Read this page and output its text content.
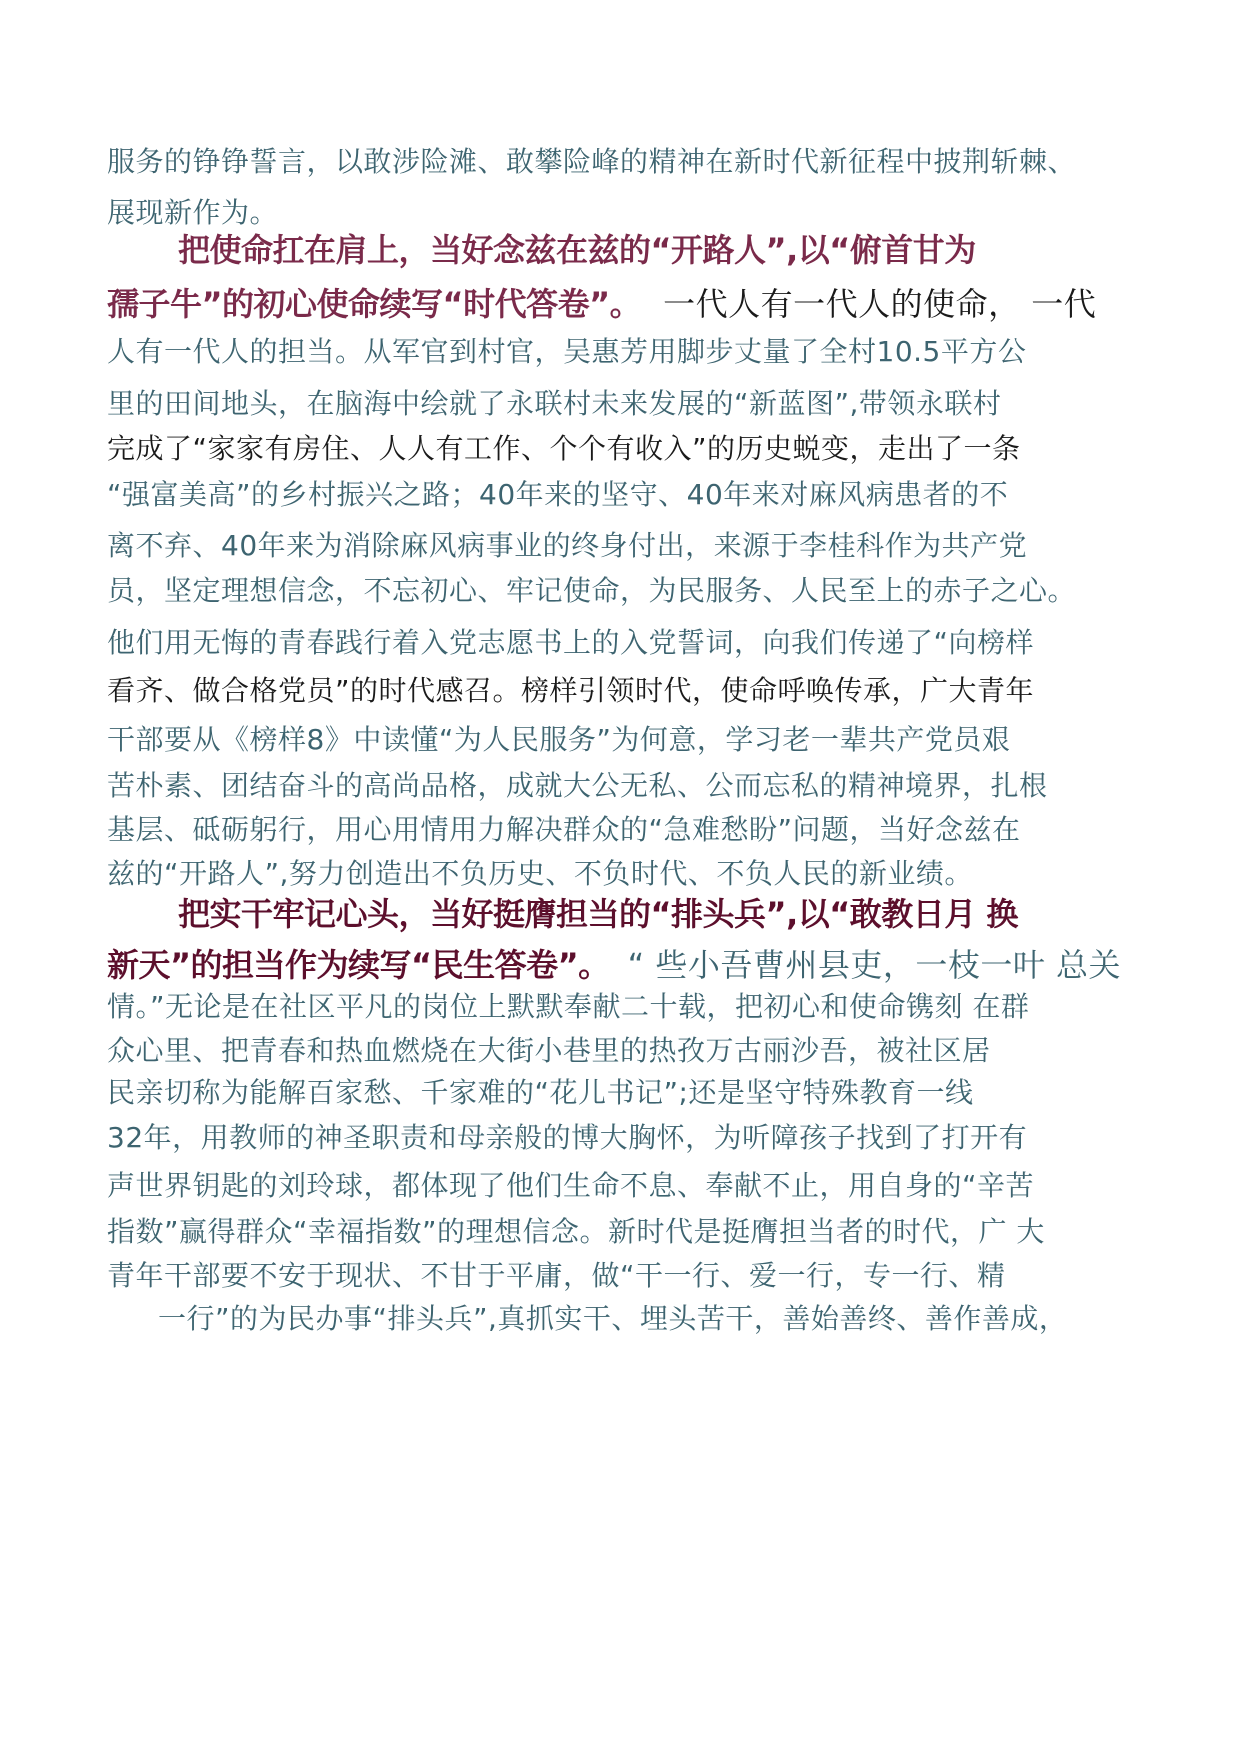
服务的铮铮誓言，以敢涉险滩、敢攀险峰的精神在新时代新征程中披荆斩棘、
展现新作为。
把使命扛在肩上，当好念兹在兹的“开路人”,以“俯首甘为
孺子牛”的初心使命续写“时代答卷”。 一代人有一代人的使命， 一代
人有一代人的担当。从军官到村官，吴惠芳用脚步丈量了全村10.5平方公
里的田间地头，在脑海中绘就了永联村未来发展的“新蓝图”,带领永联村
完成了“家家有房住、人人有工作、个个有收入”的历史蜕变，走出了一条
“强富美高”的乡村振兴之路；40年来的坚守、40年来对麻风病患者的不
离不弃、40年来为消除麻风病事业的终身付出，来源于李桂科作为共产党
员，坚定理想信念，不忘初心、牢记使命，为民服务、人民至上的赤子之心。
他们用无悔的青春践行着入党志愿书上的入党誓词，向我们传递了“向榜样
看齐、做合格党员”的时代感召。榜样引领时代，使命呼唤传承，广大青年
干部要从《榜样8》中读懂“为人民服务”为何意，学习老一辈共产党员艰
苦朴素、团结奋斗的高尚品格，成就大公无私、公而忘私的精神境界，扎根
基层、砥砺躬行，用心用情用力解决群众的“急难愁盼”问题，当好念兹在
兹的“开路人”,努力创造出不负历史、不负时代、不负人民的新业绩。
把实干牢记心头，当好挺膺担当的“排头兵”,以“敢教日月 换
新天”的担当作为续写“民生答卷”。 “ 些小吾曹州县吏，一枝一叶 总关
情。”无论是在社区平凡的岗位上默默奉献二十载，把初心和使命镌刻 在群
众心里、把青春和热血燃烧在大街小巷里的热孜万古丽沙吾，被社区居
民亲切称为能解百家愁、千家难的“花儿书记”;还是坚守特殊教育一线
32年，用教师的神圣职责和母亲般的博大胸怀，为听障孩子找到了打开有
声世界钥匙的刘玲球，都体现了他们生命不息、奉献不止，用自身的“辛苦
指数”赢得群众“幸福指数”的理想信念。新时代是挺膺担当者的时代，广 大
青年干部要不安于现状、不甘于平庸，做“干一行、爱一行，专一行、精
一行”的为民办事“排头兵”,真抓实干、埋头苦干，善始善终、善作善成，
